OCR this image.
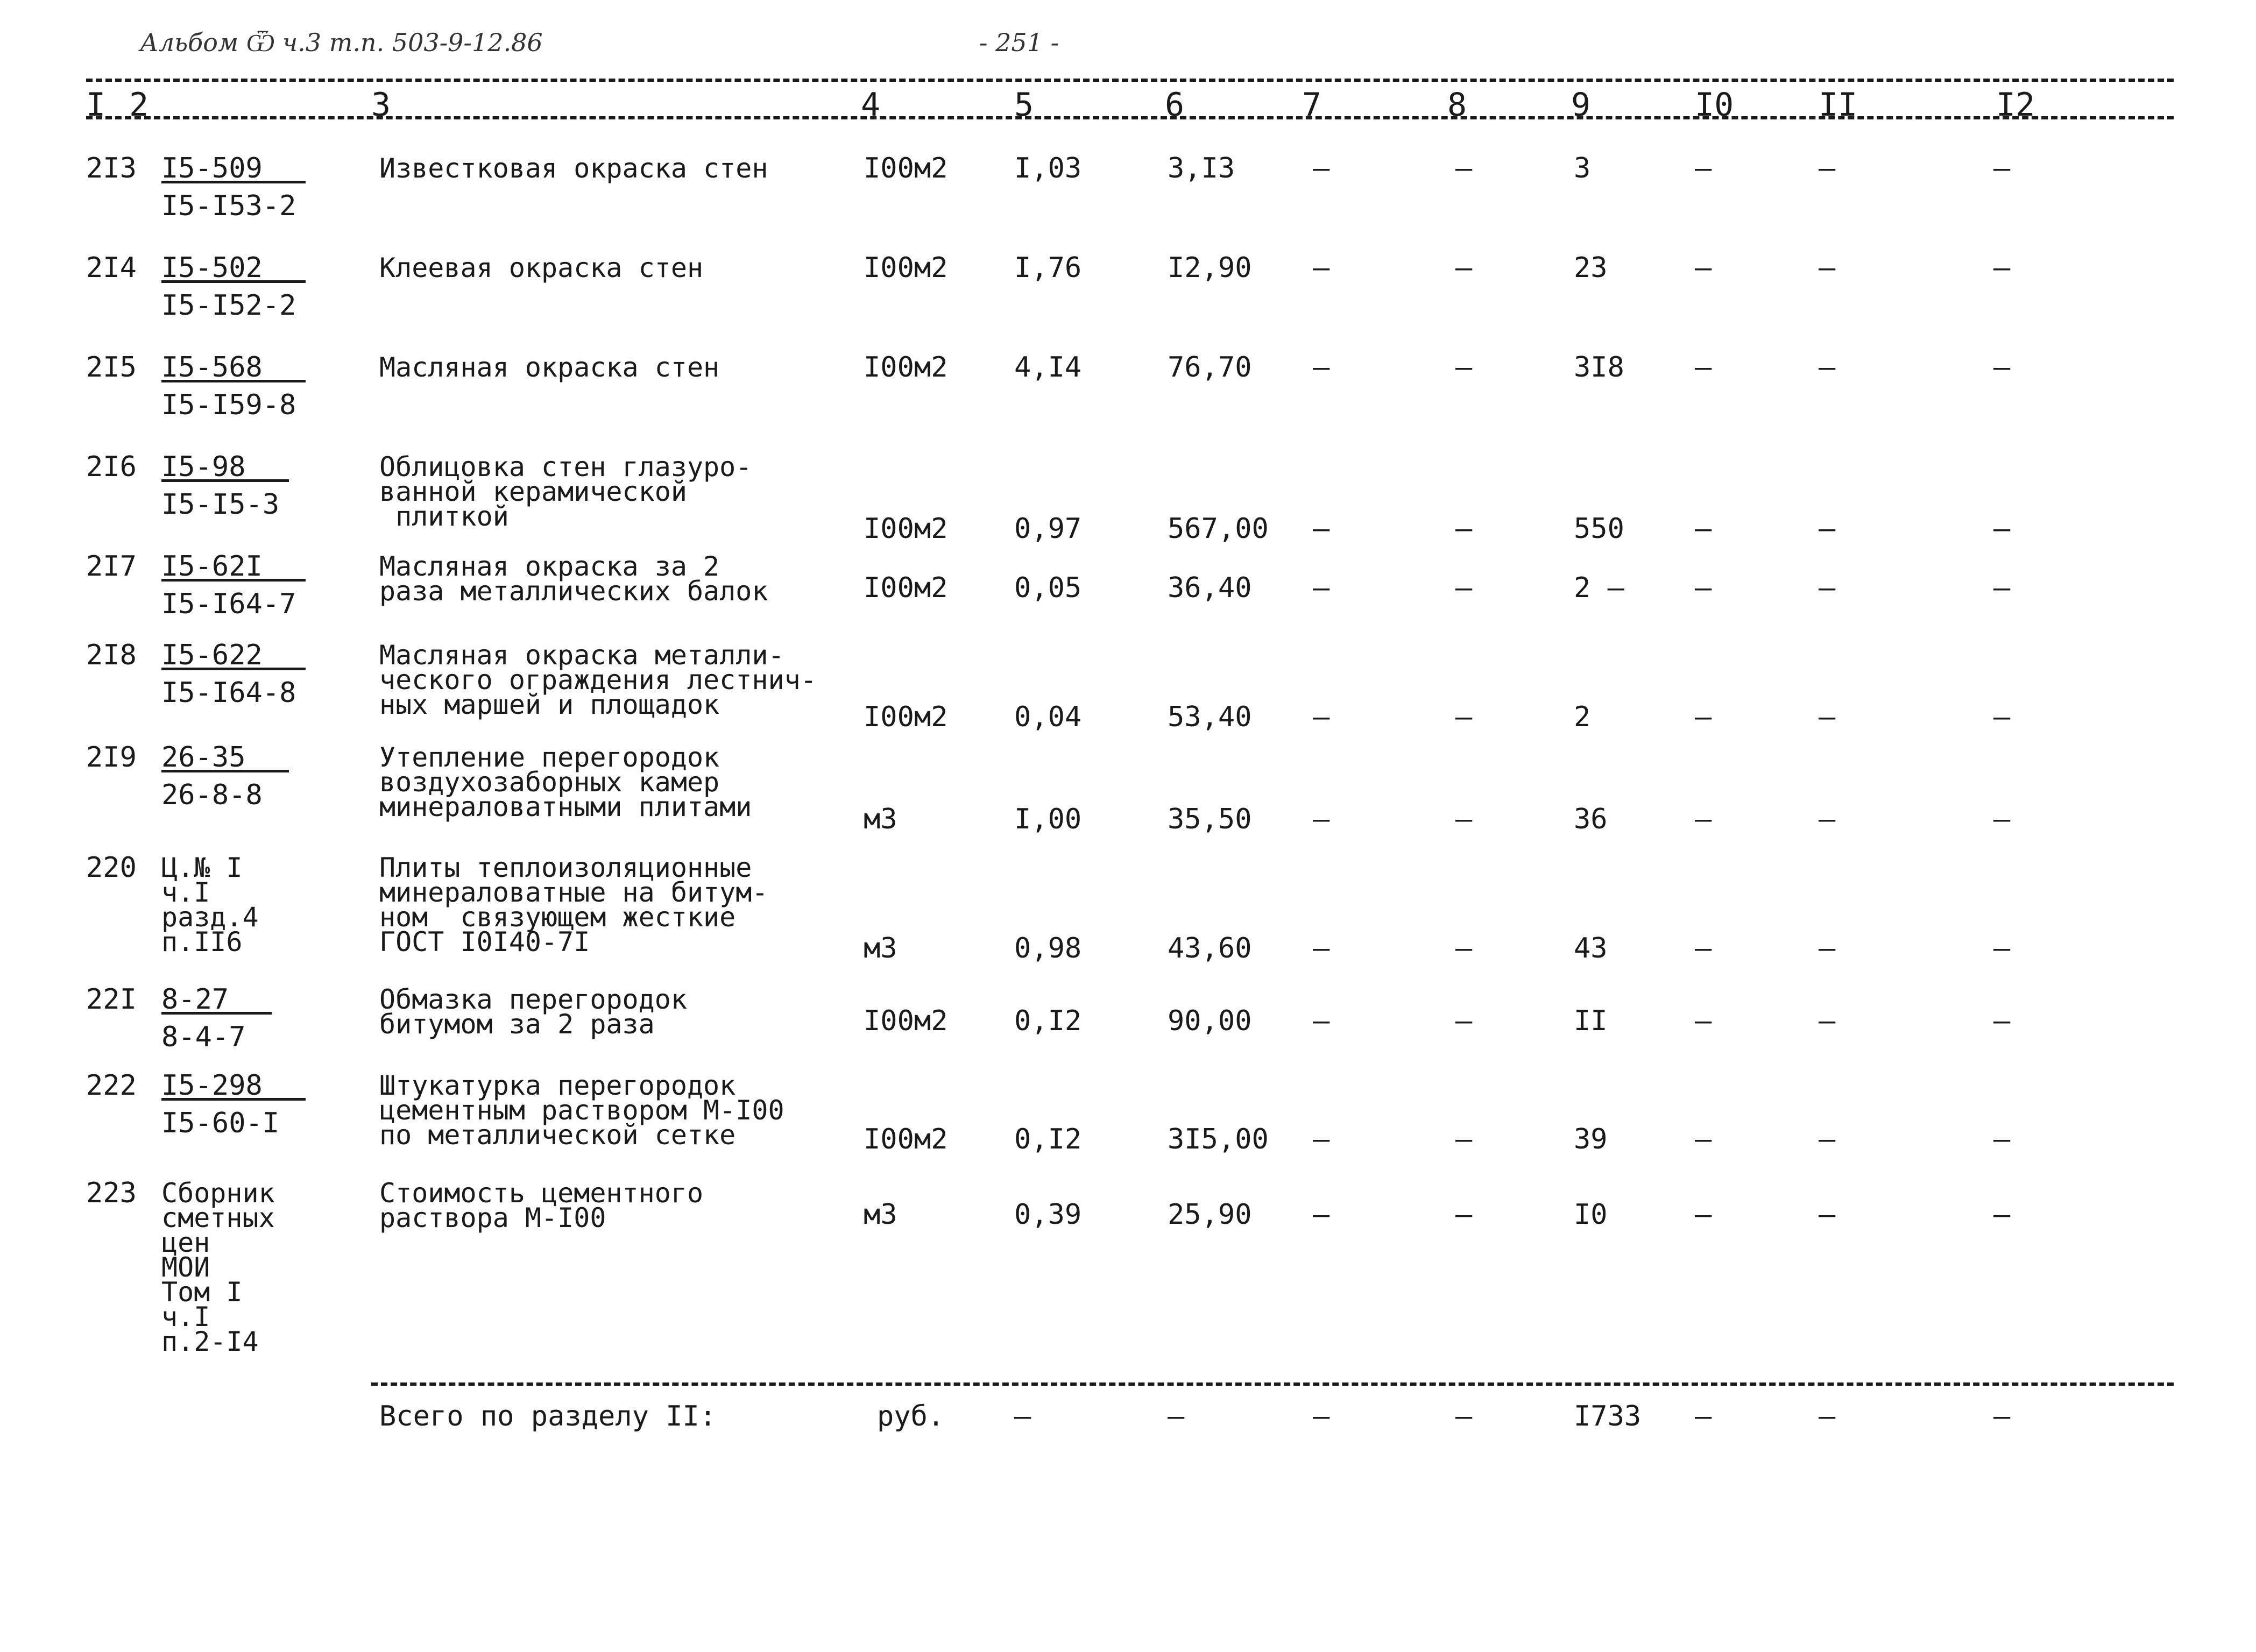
Альбом Ѿ ч.3 т.п. 503-9-12.86	- 251 -
I 2	3	4	5	6	7	8	9	I0	II	I2
2I3 I5-509
I5-I53-2
Известковая окраска стен	I00м2 I,03	3,I3	–	–	3	–	–	–
2I4 I5-502
I5-I52-2
Клеевая окраска стен	I00м2 I,76	I2,90 –	–	23	–	–	–
2I5 I5-568
I5-I59-8
Масляная окраска стен	I00м2 4,I4	76,70 –	–	3I8	–	–	–
2I6 I5-98
I5-I5-3
Облицовка стен глазуро-
ванной керамической
плиткой	I00м2 0,97	567,00 –	–	550	–	–	–
2I7 I5-62I
I5-I64-7
Масляная окраска за 2
раза металлических балок	I00м2 0,05	36,40 –	–	2 –	–	–	–
2I8 I5-622
I5-I64-8
Масляная окраска металли-
ческого ограждения лестнич-
ных маршей и площадок	I00м2 0,04	53,40 –	–	2	–	–	–
2I9 26-35
26-8-8
Утепление перегородок
воздухозаборных камер
минераловатными плитами	м3	I,00	35,50 –	–	36	–	–	–
220 Ц.№ I
ч.I
разд.4
п.II6
Плиты теплоизоляционные
минераловатные на битум-
ном  связующем жесткие
ГОСТ I0I40-7I	м3	0,98	43,60 –	–	43	–	–	–
22I 8-27
8-4-7
Обмазка перегородок
битумом за 2 раза	I00м2 0,I2	90,00 –	–	II	–	–	–
222 I5-298
I5-60-I
Штукатурка перегородок
цементным раствором М-I00
по металлической сетке	I00м2 0,I2	3I5,00 –	–	39	–	–	–
223 Сборник
сметных
цен
МОИ
Том I
ч.I
п.2-I4
Стоимость цементного
раствора М-I00	м3	0,39	25,90 –	–	I0	–	–	–
Всего по разделу II:	руб. –	–	–	–	I733 –	–	–
